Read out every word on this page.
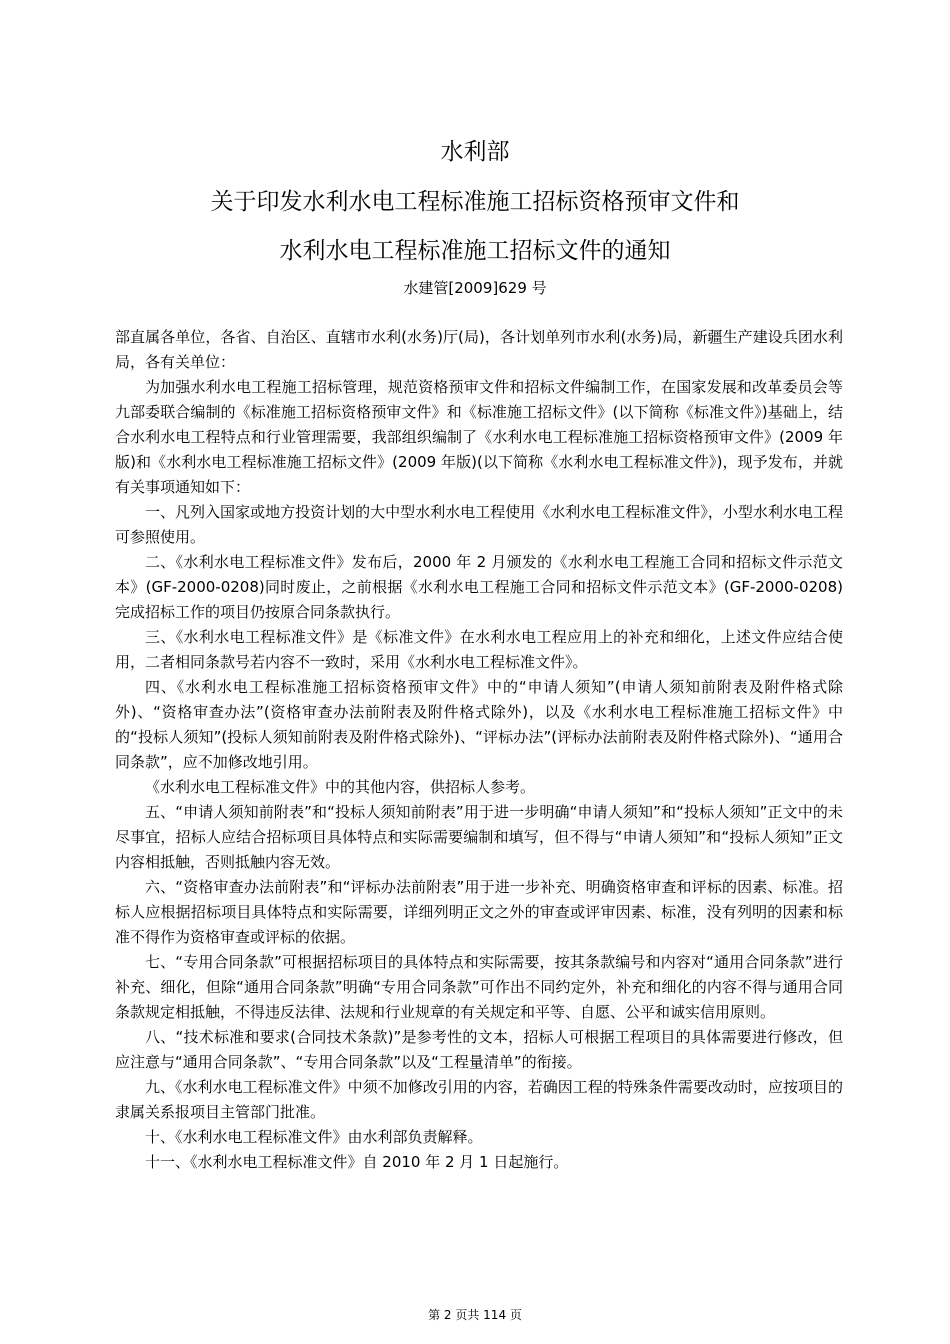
水利部
关于印发水利水电工程标准施工招标资格预审文件和
水利水电工程标准施工招标文件的通知
水建管[2009]629 号

部直属各单位，各省、自治区、直辖市水利(水务)厅(局)，各计划单列市水利(水务)局，新疆生产建设兵团水利局，各有关单位：

为加强水利水电工程施工招标管理，规范资格预审文件和招标文件编制工作，在国家发展和改革委员会等九部委联合编制的《标准施工招标资格预审文件》和《标准施工招标文件》(以下简称《标准文件》)基础上，结合水利水电工程特点和行业管理需要，我部组织编制了《水利水电工程标准施工招标资格预审文件》(2009 年版)和《水利水电工程标准施工招标文件》(2009 年版)(以下简称《水利水电工程标准文件》)，现予发布，并就有关事项通知如下：

一、凡列入国家或地方投资计划的大中型水利水电工程使用《水利水电工程标准文件》，小型水利水电工程可参照使用。

二、《水利水电工程标准文件》发布后，2000 年 2 月颁发的《水利水电工程施工合同和招标文件示范文本》(GF-2000-0208)同时废止，之前根据《水利水电工程施工合同和招标文件示范文本》(GF-2000-0208)完成招标工作的项目仍按原合同条款执行。

三、《水利水电工程标准文件》是《标准文件》在水利水电工程应用上的补充和细化，上述文件应结合使用，二者相同条款号若内容不一致时，采用《水利水电工程标准文件》。

四、《水利水电工程标准施工招标资格预审文件》中的“申请人须知”(申请人须知前附表及附件格式除外)、“资格审查办法”(资格审查办法前附表及附件格式除外)，以及《水利水电工程标准施工招标文件》中的“投标人须知”(投标人须知前附表及附件格式除外)、“评标办法”(评标办法前附表及附件格式除外)、“通用合同条款”，应不加修改地引用。

《水利水电工程标准文件》中的其他内容，供招标人参考。

五、“申请人须知前附表”和“投标人须知前附表”用于进一步明确“申请人须知”和“投标人须知”正文中的未尽事宜，招标人应结合招标项目具体特点和实际需要编制和填写，但不得与“申请人须知”和“投标人须知”正文内容相抵触，否则抵触内容无效。

六、“资格审查办法前附表”和“评标办法前附表”用于进一步补充、明确资格审查和评标的因素、标准。招标人应根据招标项目具体特点和实际需要，详细列明正文之外的审查或评审因素、标准，没有列明的因素和标准不得作为资格审查或评标的依据。

七、“专用合同条款”可根据招标项目的具体特点和实际需要，按其条款编号和内容对“通用合同条款”进行补充、细化，但除“通用合同条款”明确“专用合同条款”可作出不同约定外，补充和细化的内容不得与通用合同条款规定相抵触，不得违反法律、法规和行业规章的有关规定和平等、自愿、公平和诚实信用原则。

八、“技术标准和要求(合同技术条款)”是参考性的文本，招标人可根据工程项目的具体需要进行修改，但应注意与“通用合同条款”、“专用合同条款”以及“工程量清单”的衔接。

九、《水利水电工程标准文件》中须不加修改引用的内容，若确因工程的特殊条件需要改动时，应按项目的隶属关系报项目主管部门批准。

十、《水利水电工程标准文件》由水利部负责解释。

十一、《水利水电工程标准文件》自 2010 年 2 月 1 日起施行。

第 2 页共 114 页
